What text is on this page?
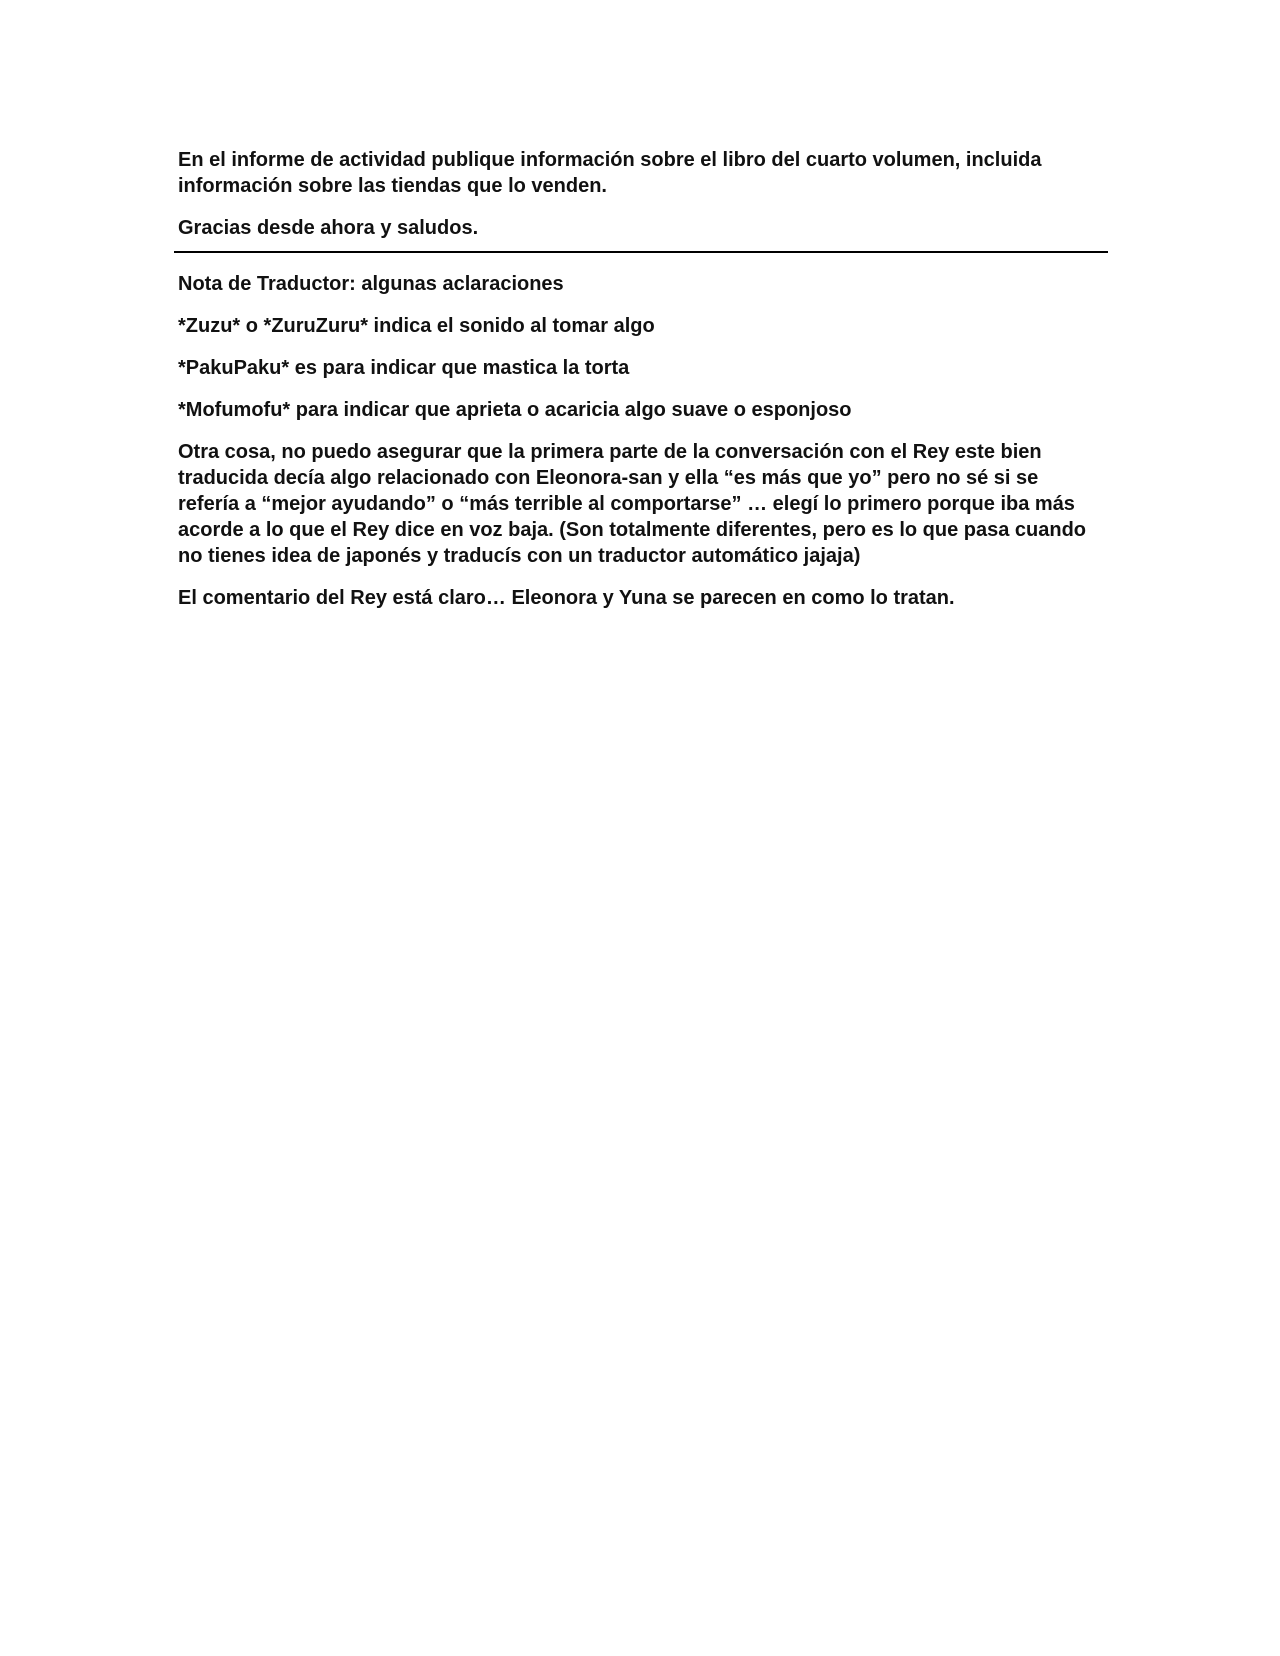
En el informe de actividad publique información sobre el libro del cuarto volumen, incluida información sobre las tiendas que lo venden.

Gracias desde ahora y saludos.

Nota de Traductor: algunas aclaraciones

*Zuzu* o *ZuruZuru* indica el sonido al tomar algo

*PakuPaku* es para indicar que mastica la torta

*Mofumofu* para indicar que aprieta o acaricia algo suave o esponjoso

Otra cosa, no puedo asegurar que la primera parte de la conversación con el Rey este bien traducida decía algo relacionado con Eleonora-san y ella “es más que yo” pero no sé si se refería a “mejor ayudando” o “más terrible al comportarse” … elegí lo primero porque iba más acorde a lo que el Rey dice en voz baja. (Son totalmente diferentes, pero es lo que pasa cuando no tienes idea de japonés y traducís con un traductor automático jajaja)

El comentario del Rey está claro… Eleonora y Yuna se parecen en como lo tratan.
